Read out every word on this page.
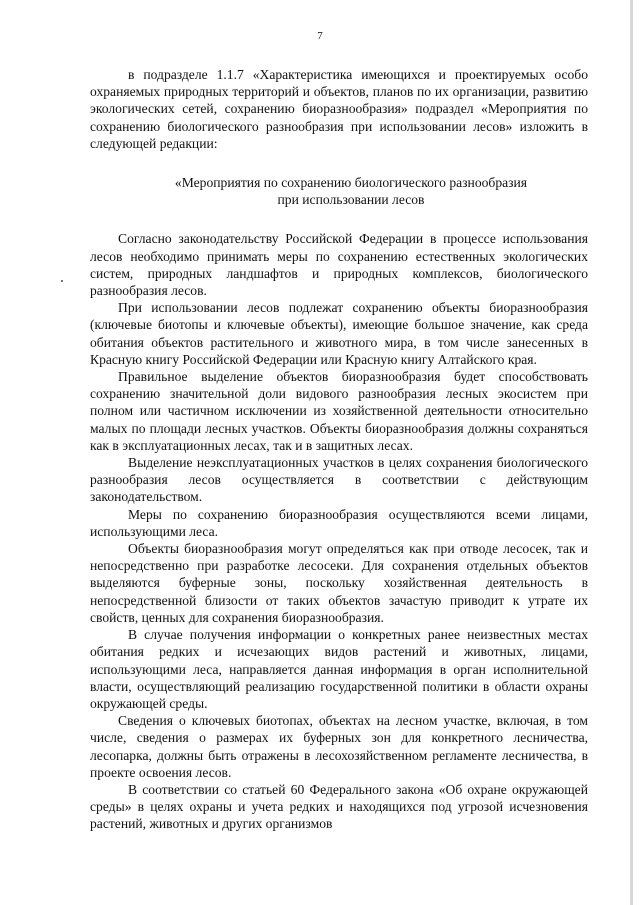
7

в подразделе 1.1.7 «Характеристика имеющихся и проектируемых особо охраняемых природных территорий и объектов, планов по их организации, развитию экологических сетей, сохранению биоразнообразия» подраздел «Мероприятия по сохранению биологического разнообразия при использовании лесов» изложить в следующей редакции:

«Мероприятия по сохранению биологического разнообразия
при использовании лесов

Согласно законодательству Российской Федерации в процессе использования лесов необходимо принимать меры по сохранению естественных экологических систем, природных ландшафтов и природных комплексов, биологического разнообразия лесов.

При использовании лесов подлежат сохранению объекты биоразнообразия (ключевые биотопы и ключевые объекты), имеющие большое значение, как среда обитания объектов растительного и животного мира, в том числе занесенных в Красную книгу Российской Федерации или Красную книгу Алтайского края.

Правильное выделение объектов биоразнообразия будет способствовать сохранению значительной доли видового разнообразия лесных экосистем при полном или частичном исключении из хозяйственной деятельности относительно малых по площади лесных участков. Объекты биоразнообразия должны сохраняться как в эксплуатационных лесах, так и в защитных лесах.

Выделение неэксплуатационных участков в целях сохранения биологического разнообразия лесов осуществляется в соответствии с действующим законодательством.

Меры по сохранению биоразнообразия осуществляются всеми лицами, использующими леса.

Объекты биоразнообразия могут определяться как при отводе лесосек, так и непосредственно при разработке лесосеки. Для сохранения отдельных объектов выделяются буферные зоны, поскольку хозяйственная деятельность в непосредственной близости от таких объектов зачастую приводит к утрате их свойств, ценных для сохранения биоразнообразия.

В случае получения информации о конкретных ранее неизвестных местах обитания редких и исчезающих видов растений и животных, лицами, использующими леса, направляется данная информация в орган исполнительной власти, осуществляющий реализацию государственной политики в области охраны окружающей среды.

Сведения о ключевых биотопах, объектах на лесном участке, включая, в том числе, сведения о размерах их буферных зон для конкретного лесничества, лесопарка, должны быть отражены в лесохозяйственном регламенте лесничества, в проекте освоения лесов.

В соответствии со статьей 60 Федерального закона «Об охране окружающей среды» в целях охраны и учета редких и находящихся под угрозой исчезновения растений, животных и других организмов
